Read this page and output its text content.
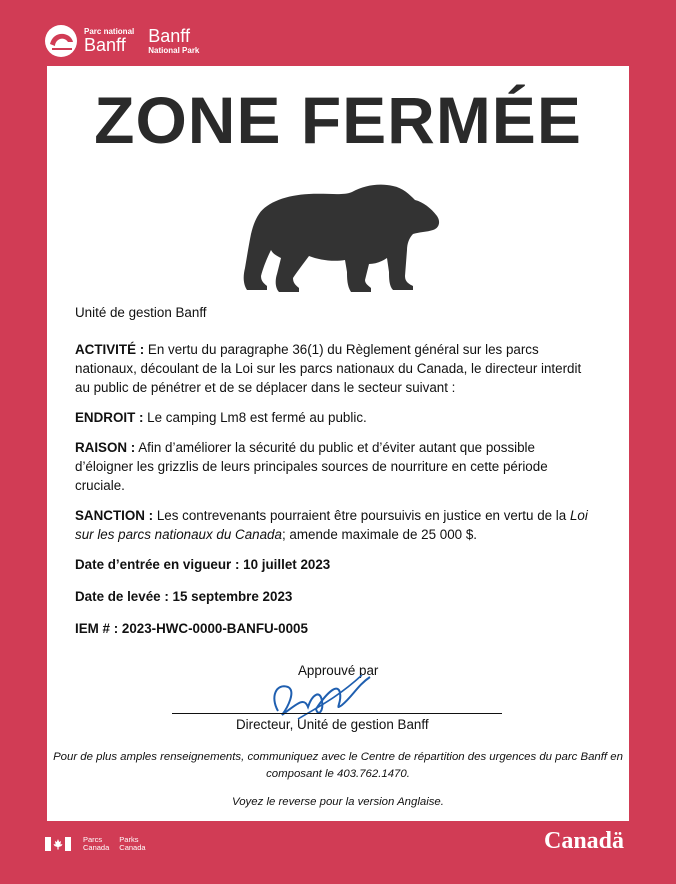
Parc national
Banff	Banff
National Park
ZONE FERMÉE

Unité de gestion Banff

ACTIVITÉ : En vertu du paragraphe 36(1) du Règlement général sur les parcs nationaux, découlant de la Loi sur les parcs nationaux du Canada, le directeur interdit au public de pénétrer et de se déplacer dans le secteur suivant :

ENDROIT : Le camping Lm8 est fermé au public.

RAISON : Afin d’améliorer la sécurité du public et d’éviter autant que possible d’éloigner les grizzlis de leurs principales sources de nourriture en cette période cruciale.

SANCTION : Les contrevenants pourraient être poursuivis en justice en vertu de la Loi sur les parcs nationaux du Canada; amende maximale de 25 000 $.

Date d’entrée en vigueur : 10 juillet 2023

Date de levée : 15 septembre 2023

IEM # : 2023-HWC-0000-BANFU-0005

Approuvé par
Directeur, Unité de gestion Banff
Pour de plus amples renseignements, communiquez avec le Centre de répartition des urgences du parc Banff en composant le 403.762.1470.
Voyez le reverse pour la version Anglaise.
Parcs
Canada
Parks
Canada	Canadä
